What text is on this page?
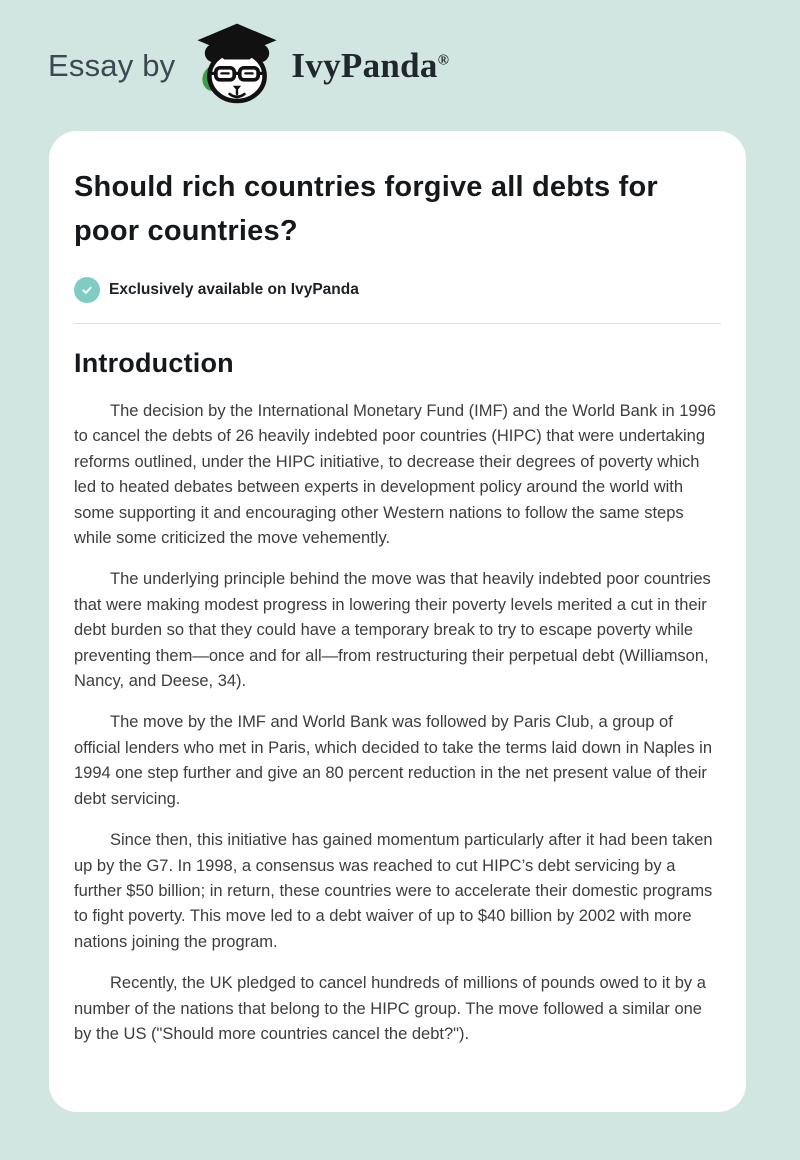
Essay by	IvyPanda®
Should rich countries forgive all debts for poor countries?
Exclusively available on IvyPanda
Introduction

The decision by the International Monetary Fund (IMF) and the World Bank in 1996 to cancel the debts of 26 heavily indebted poor countries (HIPC) that were undertaking reforms outlined, under the HIPC initiative, to decrease their degrees of poverty which led to heated debates between experts in development policy around the world with some supporting it and encouraging other Western nations to follow the same steps while some criticized the move vehemently.

The underlying principle behind the move was that heavily indebted poor countries that were making modest progress in lowering their poverty levels merited a cut in their debt burden so that they could have a temporary break to try to escape poverty while preventing them—once and for all—from restructuring their perpetual debt (Williamson, Nancy, and Deese, 34).

The move by the IMF and World Bank was followed by Paris Club, a group of official lenders who met in Paris, which decided to take the terms laid down in Naples in 1994 one step further and give an 80 percent reduction in the net present value of their debt servicing.

Since then, this initiative has gained momentum particularly after it had been taken up by the G7. In 1998, a consensus was reached to cut HIPC’s debt servicing by a further $50 billion; in return, these countries were to accelerate their domestic programs to fight poverty. This move led to a debt waiver of up to $40 billion by 2002 with more nations joining the program.

Recently, the UK pledged to cancel hundreds of millions of pounds owed to it by a number of the nations that belong to the HIPC group. The move followed a similar one by the US ("Should more countries cancel the debt?").
